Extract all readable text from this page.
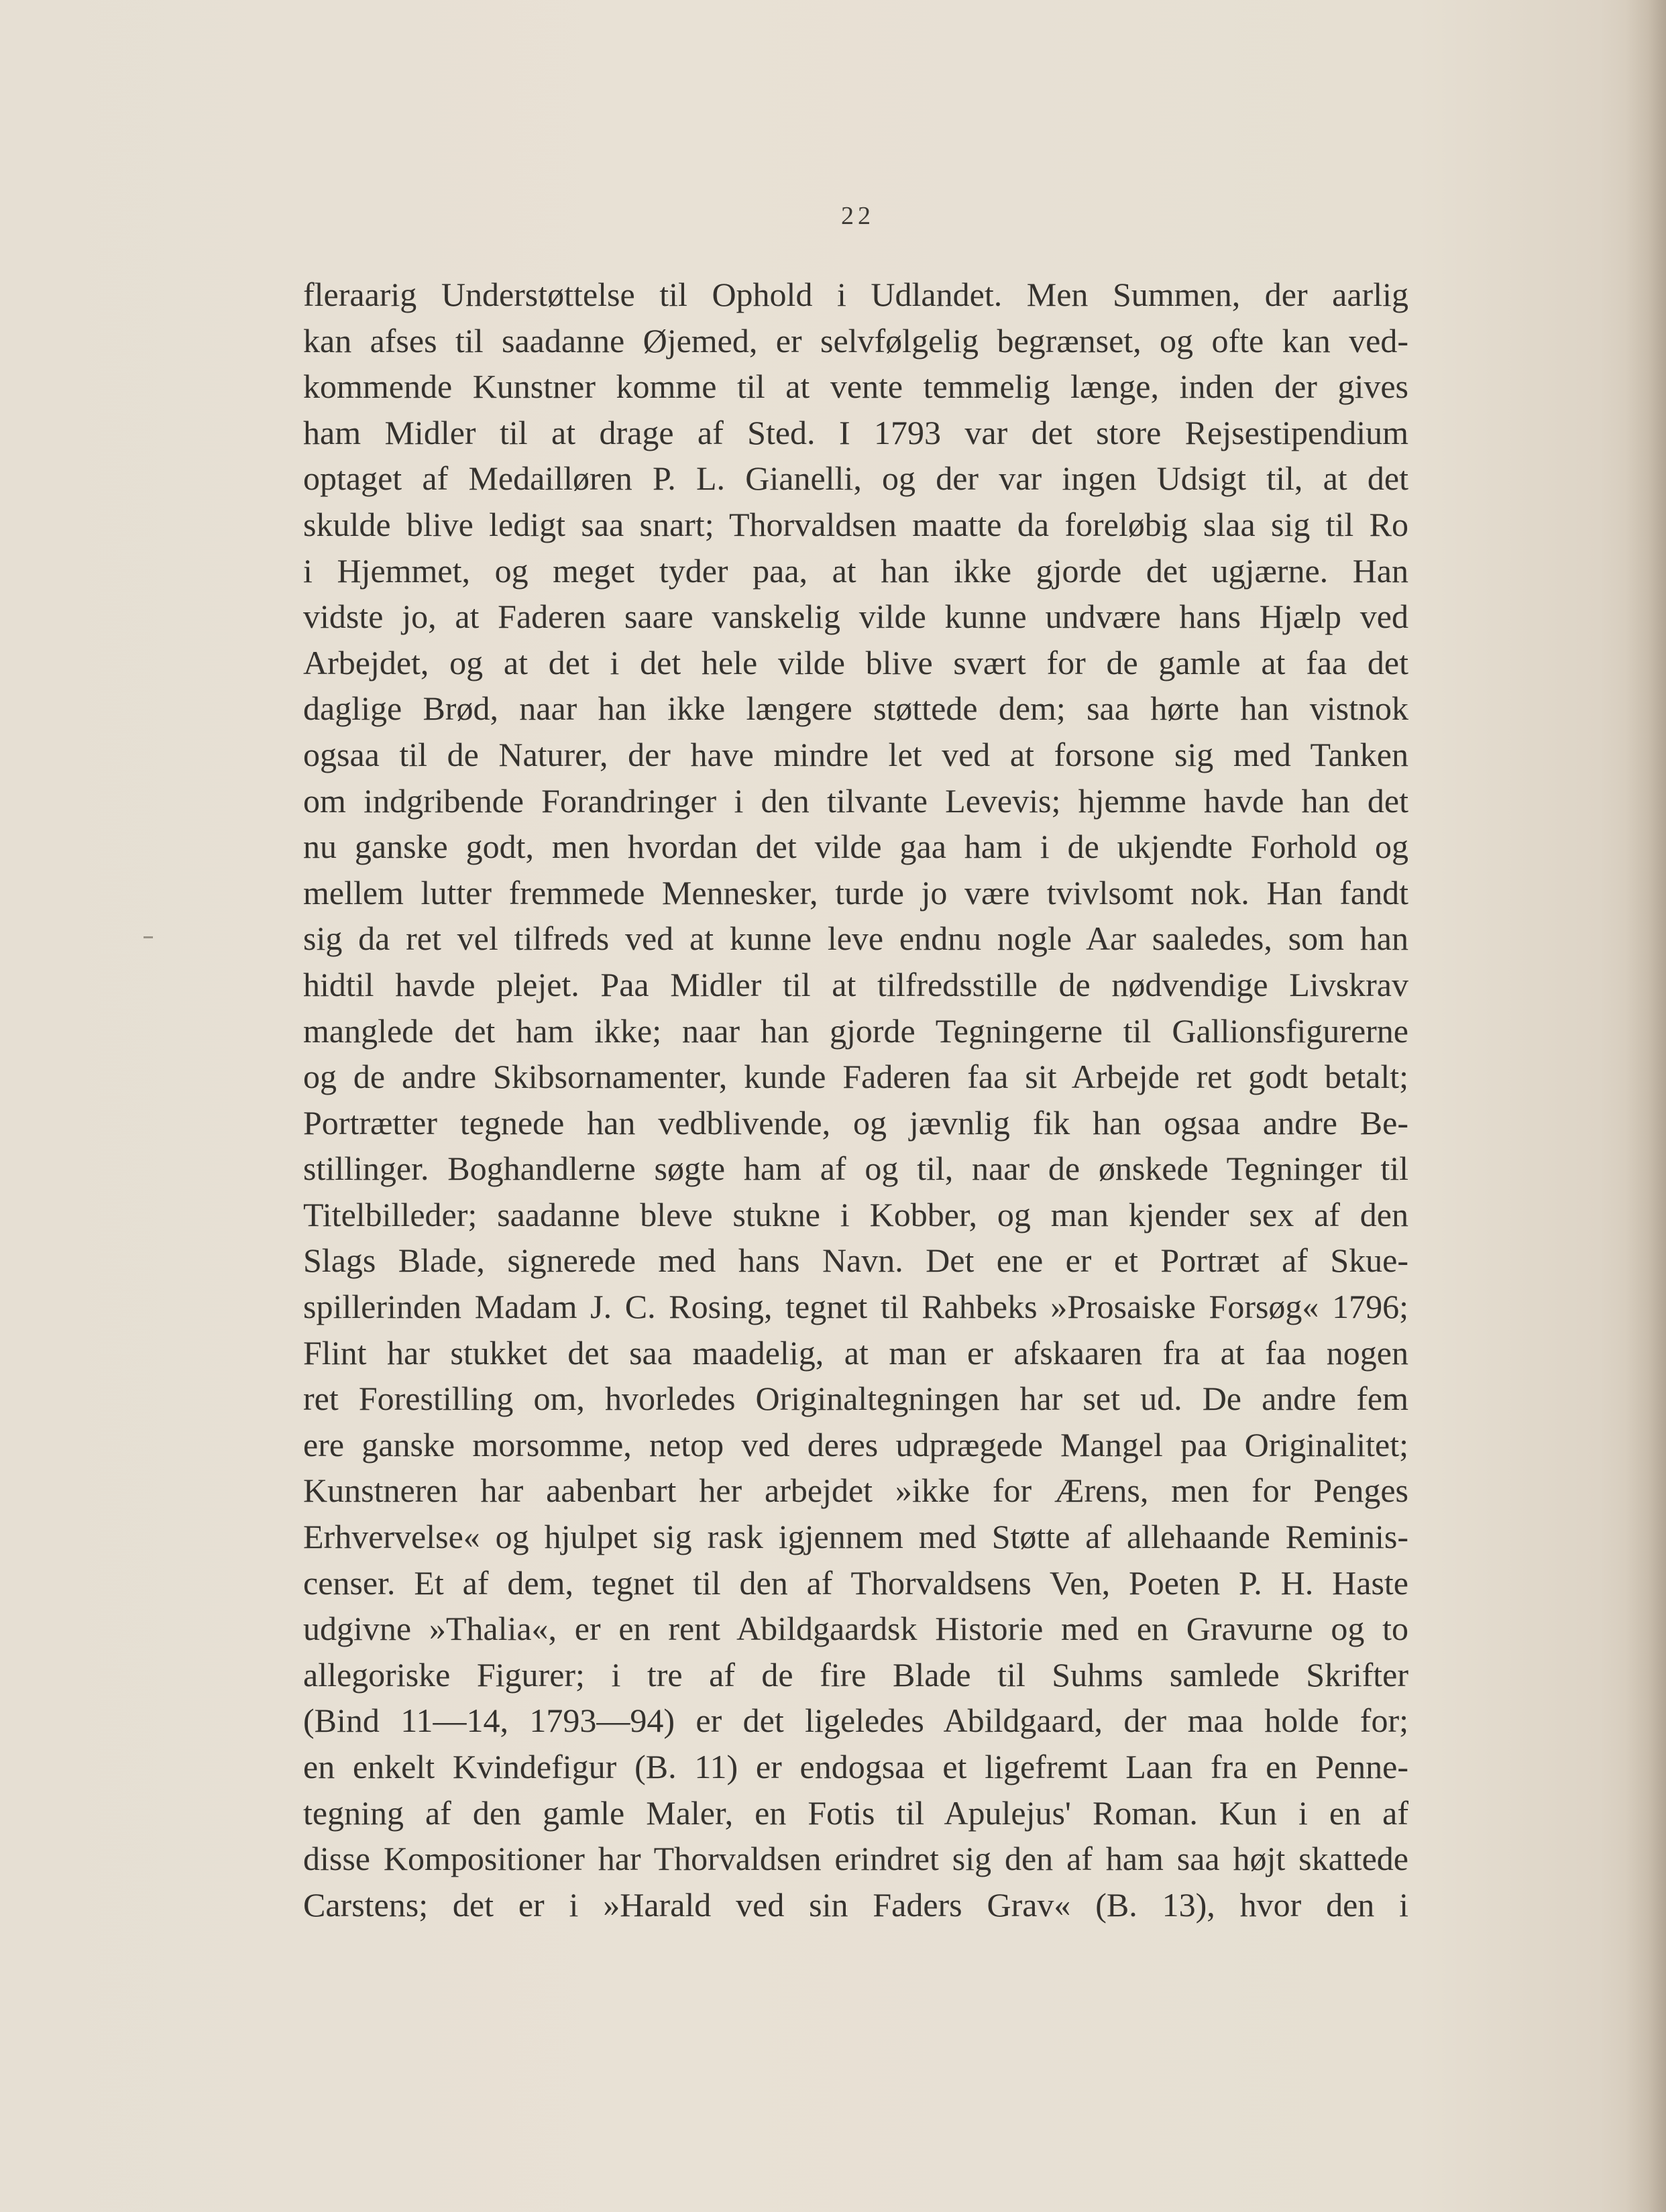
22
fleraarig Understøttelse til Ophold i Udlandet. Men Summen, der aarlig
kan afses til saadanne Øjemed, er selvfølgelig begrænset, og ofte kan ved-
kommende Kunstner komme til at vente temmelig længe, inden der gives
ham Midler til at drage af Sted. I 1793 var det store Rejsestipendium
optaget af Medailløren P. L. Gianelli, og der var ingen Udsigt til, at det
skulde blive ledigt saa snart; Thorvaldsen maatte da foreløbig slaa sig til Ro
i Hjemmet, og meget tyder paa, at han ikke gjorde det ugjærne. Han
vidste jo, at Faderen saare vanskelig vilde kunne undvære hans Hjælp ved
Arbejdet, og at det i det hele vilde blive svært for de gamle at faa det
daglige Brød, naar han ikke længere støttede dem; saa hørte han vistnok
ogsaa til de Naturer, der have mindre let ved at forsone sig med Tanken
om indgribende Forandringer i den tilvante Levevis; hjemme havde han det
nu ganske godt, men hvordan det vilde gaa ham i de ukjendte Forhold og
mellem lutter fremmede Mennesker, turde jo være tvivlsomt nok. Han fandt
sig da ret vel tilfreds ved at kunne leve endnu nogle Aar saaledes, som han
hidtil havde plejet. Paa Midler til at tilfredsstille de nødvendige Livskrav
manglede det ham ikke; naar han gjorde Tegningerne til Gallionsfigurerne
og de andre Skibsornamenter, kunde Faderen faa sit Arbejde ret godt betalt;
Portrætter tegnede han vedblivende, og jævnlig fik han ogsaa andre Be-
stillinger. Boghandlerne søgte ham af og til, naar de ønskede Tegninger til
Titelbilleder; saadanne bleve stukne i Kobber, og man kjender sex af den
Slags Blade, signerede med hans Navn. Det ene er et Portræt af Skue-
spillerinden Madam J. C. Rosing, tegnet til Rahbeks »Prosaiske Forsøg« 1796;
Flint har stukket det saa maadelig, at man er afskaaren fra at faa nogen
ret Forestilling om, hvorledes Originaltegningen har set ud. De andre fem
ere ganske morsomme, netop ved deres udprægede Mangel paa Originalitet;
Kunstneren har aabenbart her arbejdet »ikke for Ærens, men for Penges
Erhvervelse« og hjulpet sig rask igjennem med Støtte af allehaande Reminis-
censer. Et af dem, tegnet til den af Thorvaldsens Ven, Poeten P. H. Haste
udgivne »Thalia«, er en rent Abildgaardsk Historie med en Gravurne og to
allegoriske Figurer; i tre af de fire Blade til Suhms samlede Skrifter
(Bind 11—14, 1793—94) er det ligeledes Abildgaard, der maa holde for;
en enkelt Kvindefigur (B. 11) er endogsaa et ligefremt Laan fra en Penne-
tegning af den gamle Maler, en Fotis til Apulejus' Roman. Kun i en af
disse Kompositioner har Thorvaldsen erindret sig den af ham saa højt skattede
Carstens; det er i »Harald ved sin Faders Grav« (B. 13), hvor den i
